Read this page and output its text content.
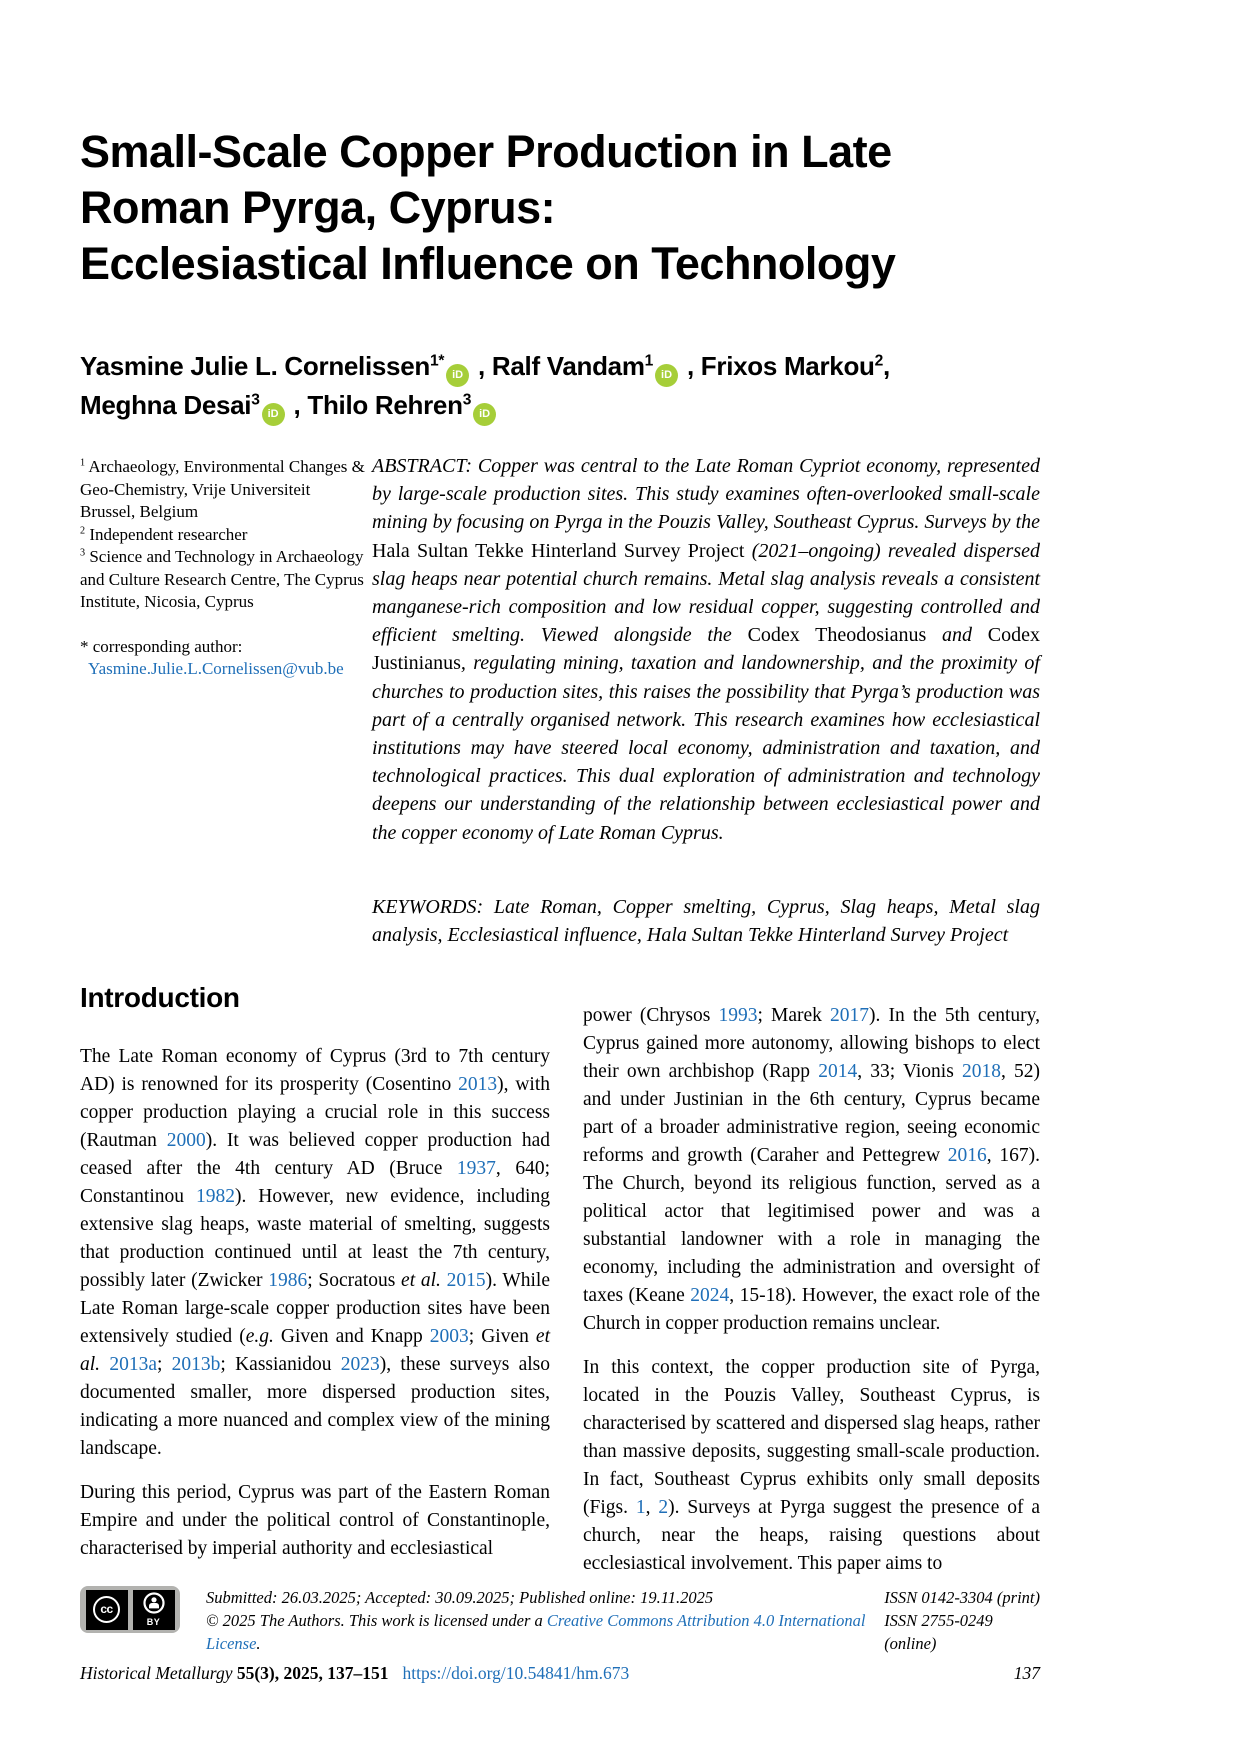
Small-Scale Copper Production in Late
Roman Pyrga, Cyprus:
Ecclesiastical Influence on Technology
Yasmine Julie L. Cornelissen$^{1*}$iD , Ralf Vandam$^1$iD , Frixos Markou$^2$,
Meghna Desai$^3$iD , Thilo Rehren$^3$iD
$^1$ Archaeology, Environmental Changes & Geo-Chemistry, Vrije Universiteit Brussel, Belgium
$^2$ Independent researcher
$^3$ Science and Technology in Archaeology and Culture Research Centre, The Cyprus Institute, Nicosia, Cyprus
* corresponding author:
Yasmine.Julie.L.Cornelissen@vub.be

ABSTRACT: Copper was central to the Late Roman Cypriot economy, represented by large-scale production sites. This study examines often-overlooked small-scale mining by focusing on Pyrga in the Pouzis Valley, Southeast Cyprus. Surveys by the Hala Sultan Tekke Hinterland Survey Project (2021–ongoing) revealed dispersed slag heaps near potential church remains. Metal slag analysis reveals a consistent manganese-rich composition and low residual copper, suggesting controlled and efficient smelting. Viewed alongside the Codex Theodosianus and Codex Justinianus, regulating mining, taxation and landownership, and the proximity of churches to production sites, this raises the possibility that Pyrga’s production was part of a centrally organised network. This research examines how ecclesiastical institutions may have steered local economy, administration and taxation, and technological practices. This dual exploration of administration and technology deepens our understanding of the relationship between ecclesiastical power and the copper economy of Late Roman Cyprus.

KEYWORDS: Late Roman, Copper smelting, Cyprus, Slag heaps, Metal slag analysis, Ecclesiastical influence, Hala Sultan Tekke Hinterland Survey Project

Introduction

The Late Roman economy of Cyprus (3rd to 7th century AD) is renowned for its prosperity (Cosentino 2013), with copper production playing a crucial role in this success (Rautman 2000). It was believed copper production had ceased after the 4th century AD (Bruce 1937, 640; Constantinou 1982). However, new evidence, including extensive slag heaps, waste material of smelting, suggests that production continued until at least the 7th century, possibly later (Zwicker 1986; Socratous et al. 2015). While Late Roman large-scale copper production sites have been extensively studied (e.g. Given and Knapp 2003; Given et al. 2013a; 2013b; Kassianidou 2023), these surveys also documented smaller, more dispersed production sites, indicating a more nuanced and complex view of the mining landscape.

During this period, Cyprus was part of the Eastern Roman Empire and under the political control of Constantinople, characterised by imperial authority and ecclesiastical

power (Chrysos 1993; Marek 2017). In the 5th century, Cyprus gained more autonomy, allowing bishops to elect their own archbishop (Rapp 2014, 33; Vionis 2018, 52) and under Justinian in the 6th century, Cyprus became part of a broader administrative region, seeing economic reforms and growth (Caraher and Pettegrew 2016, 167). The Church, beyond its religious function, served as a political actor that legitimised power and was a substantial landowner with a role in managing the economy, including the administration and oversight of taxes (Keane 2024, 15-18). However, the exact role of the Church in copper production remains unclear.

In this context, the copper production site of Pyrga, located in the Pouzis Valley, Southeast Cyprus, is characterised by scattered and dispersed slag heaps, rather than massive deposits, suggesting small-scale production. In fact, Southeast Cyprus exhibits only small deposits (Figs. 1, 2). Surveys at Pyrga suggest the presence of a church, near the heaps, raising questions about ecclesiastical involvement. This paper aims to

cc
BY
Submitted: 26.03.2025; Accepted: 30.09.2025; Published online: 19.11.2025
© 2025 The Authors. This work is licensed under a Creative Commons Attribution 4.0 International License.
ISSN 0142-3304 (print)
ISSN 2755-0249 (online)
Historical Metallurgy 55(3), 2025, 137–151 https://doi.org/10.54841/hm.673	137
